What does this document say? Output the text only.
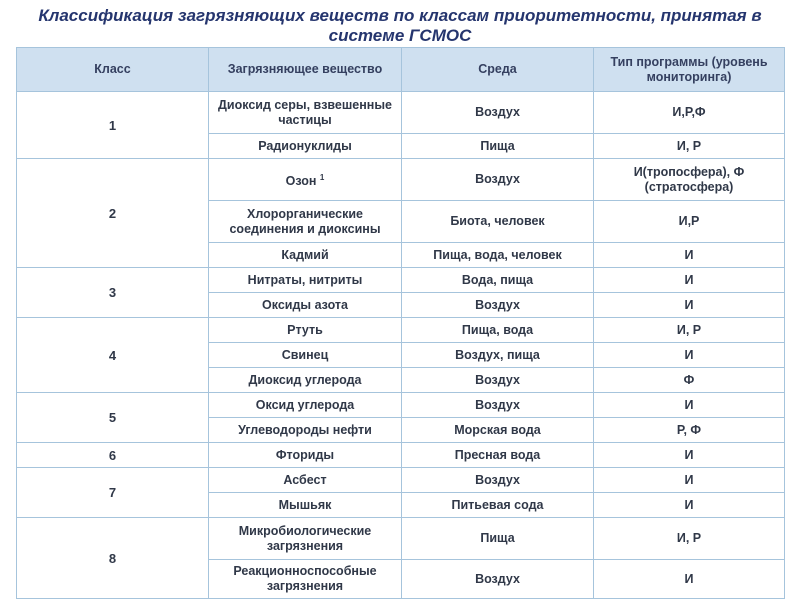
Классификация загрязняющих веществ по классам приоритетности, принятая в системе ГСМОС
Класс	Загрязняющее вещество	Среда	Тип программы (уровень мониторинга)
1	Диоксид серы, взвешенные частицы	Воздух	И,Р,Ф
	Радионуклиды	Пища	И, Р
2	Озон $^1$	Воздух	И(тропосфера), Ф (стратосфера)
	Хлорорганические соединения и диоксины	Биота, человек	И,Р
	Кадмий	Пища, вода, человек	И
3	Нитраты, нитриты	Вода, пища	И
	Оксиды азота	Воздух	И
4	Ртуть	Пища, вода	И, Р
	Свинец	Воздух, пища	И
	Диоксид углерода	Воздух	Ф
5	Оксид углерода	Воздух	И
	Углеводороды нефти	Морская вода	Р, Ф
6	Фториды	Пресная вода	И
7	Асбест	Воздух	И
	Мышьяк	Питьевая сода	И
8	Микробиологические загрязнения	Пища	И, Р
	Реакционноспособные загрязнения	Воздух	И
